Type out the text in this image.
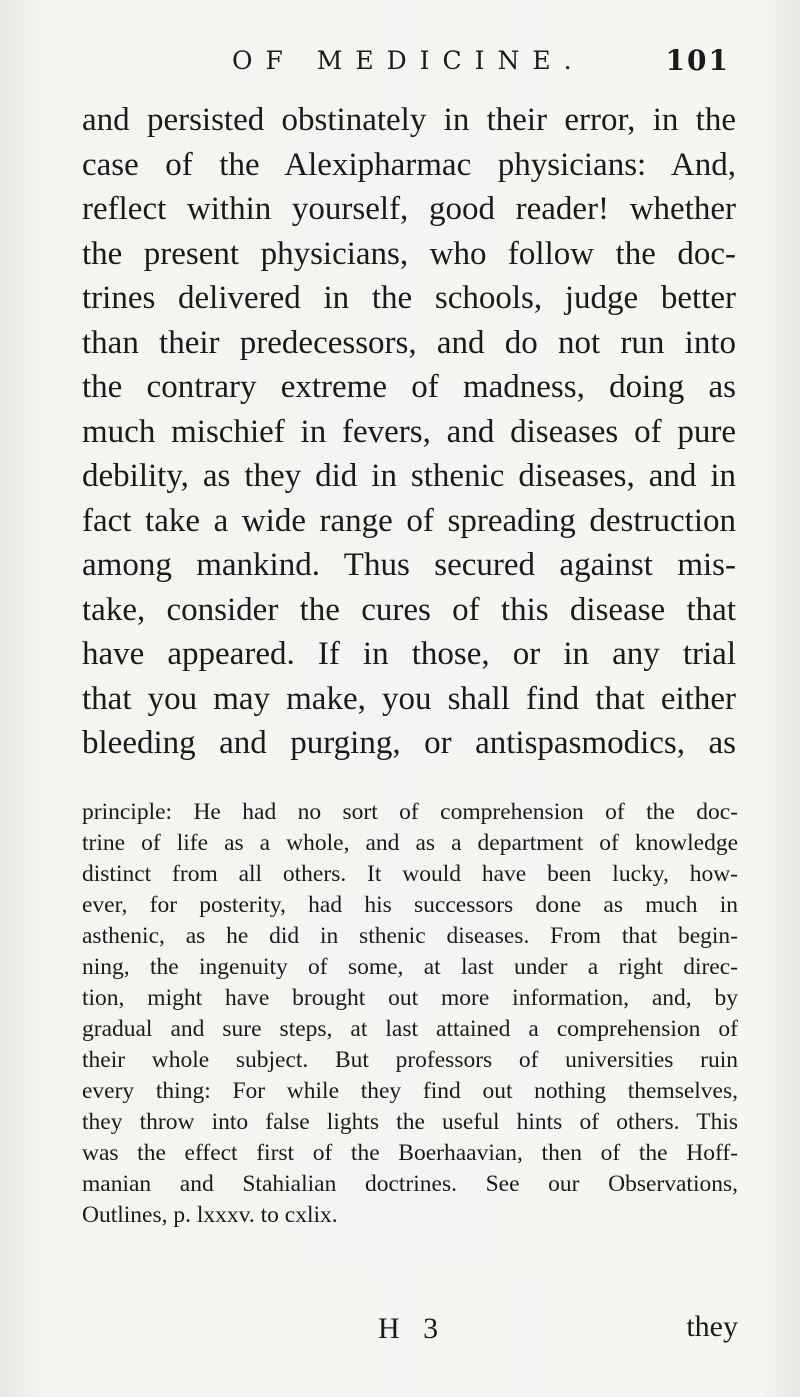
OF MEDICINE.	101
and persisted obstinately in their error, in the
case of the Alexipharmac physicians: And,
reflect within yourself, good reader! whether
the present physicians, who follow the doc-
trines delivered in the schools, judge better
than their predecessors, and do not run into
the contrary extreme of madness, doing as
much mischief in fevers, and diseases of pure
debility, as they did in sthenic diseases, and in
fact take a wide range of spreading destruction
among mankind. Thus secured against mis-
take, consider the cures of this disease that
have appeared. If in those, or in any trial
that you may make, you shall find that either
bleeding and purging, or antispasmodics, as
principle: He had no sort of comprehension of the doc-
trine of life as a whole, and as a department of knowledge
distinct from all others. It would have been lucky, how-
ever, for posterity, had his successors done as much in
asthenic, as he did in sthenic diseases. From that begin-
ning, the ingenuity of some, at last under a right direc-
tion, might have brought out more information, and, by
gradual and sure steps, at last attained a comprehension of
their whole subject. But professors of universities ruin
every thing: For while they find out nothing themselves,
they throw into false lights the useful hints of others. This
was the effect first of the Boerhaavian, then of the Hoff-
manian and Stahialian doctrines. See our Observations,
Outlines, p. lxxxv. to cxlix.
H 3	they
